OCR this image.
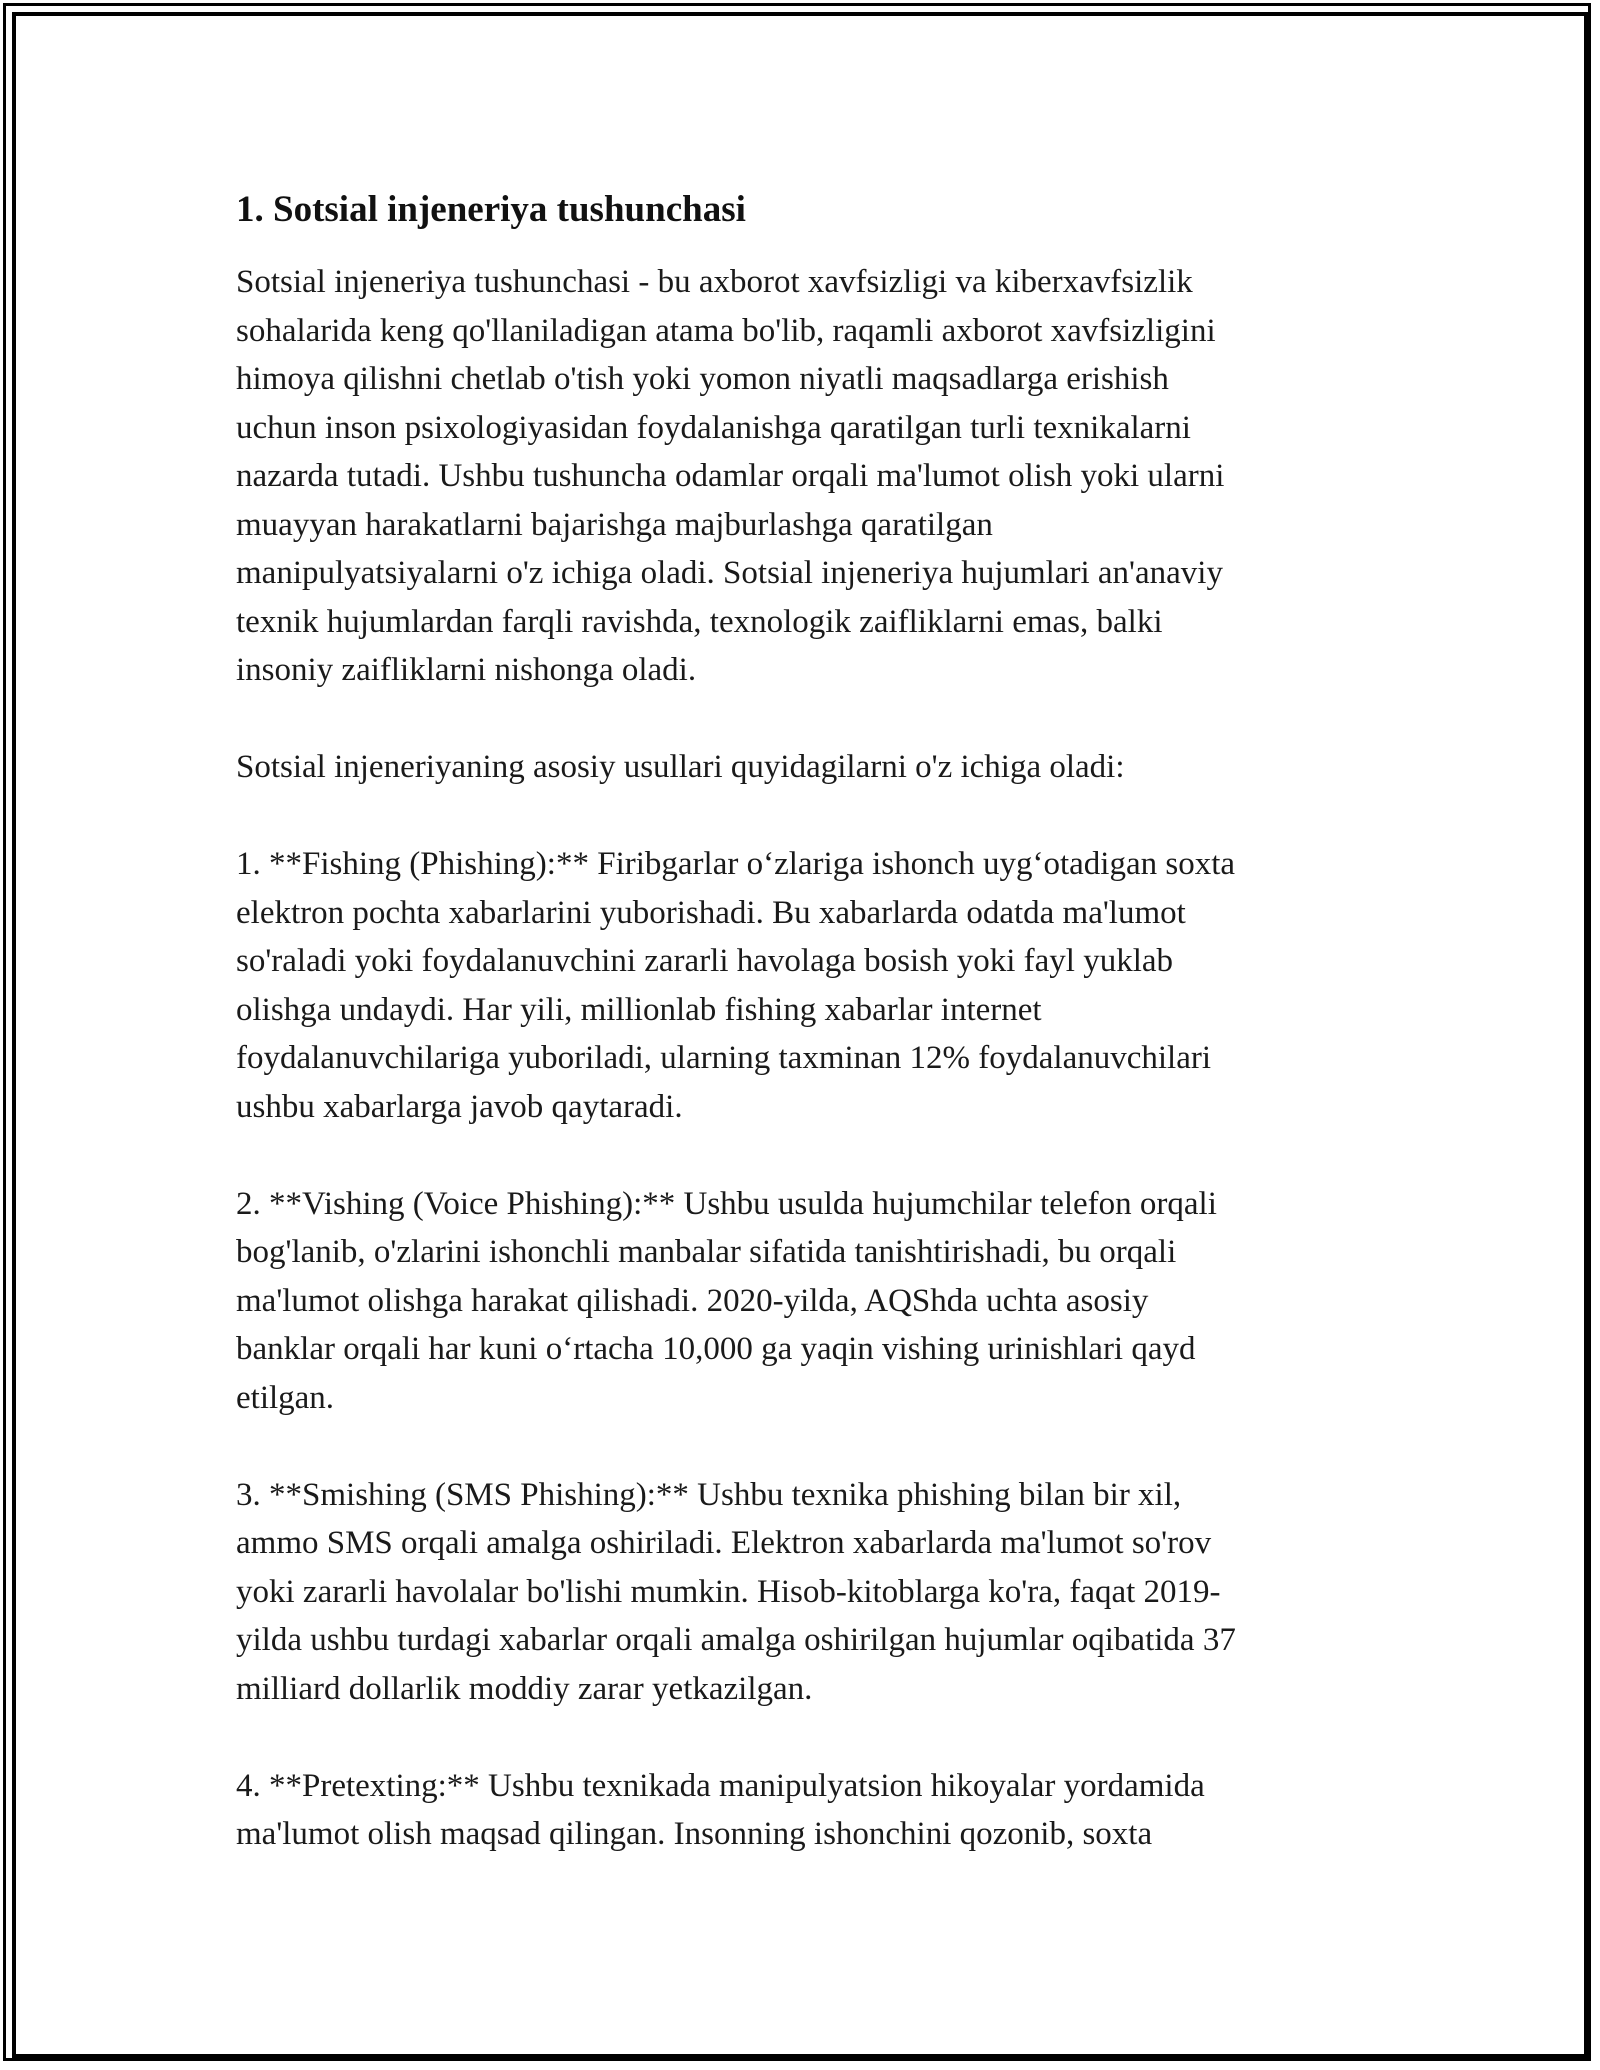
1. Sotsial injeneriya tushunchasi
Sotsial injeneriya tushunchasi - bu axborot xavfsizligi va kiberxavfsizlik
sohalarida keng qo'llaniladigan atama bo'lib, raqamli axborot xavfsizligini
himoya qilishni chetlab o'tish yoki yomon niyatli maqsadlarga erishish
uchun inson psixologiyasidan foydalanishga qaratilgan turli texnikalarni
nazarda tutadi. Ushbu tushuncha odamlar orqali ma'lumot olish yoki ularni
muayyan harakatlarni bajarishga majburlashga qaratilgan
manipulyatsiyalarni o'z ichiga oladi. Sotsial injeneriya hujumlari an'anaviy
texnik hujumlardan farqli ravishda, texnologik zaifliklarni emas, balki
insoniy zaifliklarni nishonga oladi.
Sotsial injeneriyaning asosiy usullari quyidagilarni o'z ichiga oladi:
1. **Fishing (Phishing):** Firibgarlar o‘zlariga ishonch uyg‘otadigan soxta
elektron pochta xabarlarini yuborishadi. Bu xabarlarda odatda ma'lumot
so'raladi yoki foydalanuvchini zararli havolaga bosish yoki fayl yuklab
olishga undaydi. Har yili, millionlab fishing xabarlar internet
foydalanuvchilariga yuboriladi, ularning taxminan 12% foydalanuvchilari
ushbu xabarlarga javob qaytaradi.
2. **Vishing (Voice Phishing):** Ushbu usulda hujumchilar telefon orqali
bog'lanib, o'zlarini ishonchli manbalar sifatida tanishtirishadi, bu orqali
ma'lumot olishga harakat qilishadi. 2020-yilda, AQShda uchta asosiy
banklar orqali har kuni o‘rtacha 10,000 ga yaqin vishing urinishlari qayd
etilgan.
3. **Smishing (SMS Phishing):** Ushbu texnika phishing bilan bir xil,
ammo SMS orqali amalga oshiriladi. Elektron xabarlarda ma'lumot so'rov
yoki zararli havolalar bo'lishi mumkin. Hisob-kitoblarga ko'ra, faqat 2019-
yilda ushbu turdagi xabarlar orqali amalga oshirilgan hujumlar oqibatida 37
milliard dollarlik moddiy zarar yetkazilgan.
4. **Pretexting:** Ushbu texnikada manipulyatsion hikoyalar yordamida
ma'lumot olish maqsad qilingan. Insonning ishonchini qozonib, soxta
